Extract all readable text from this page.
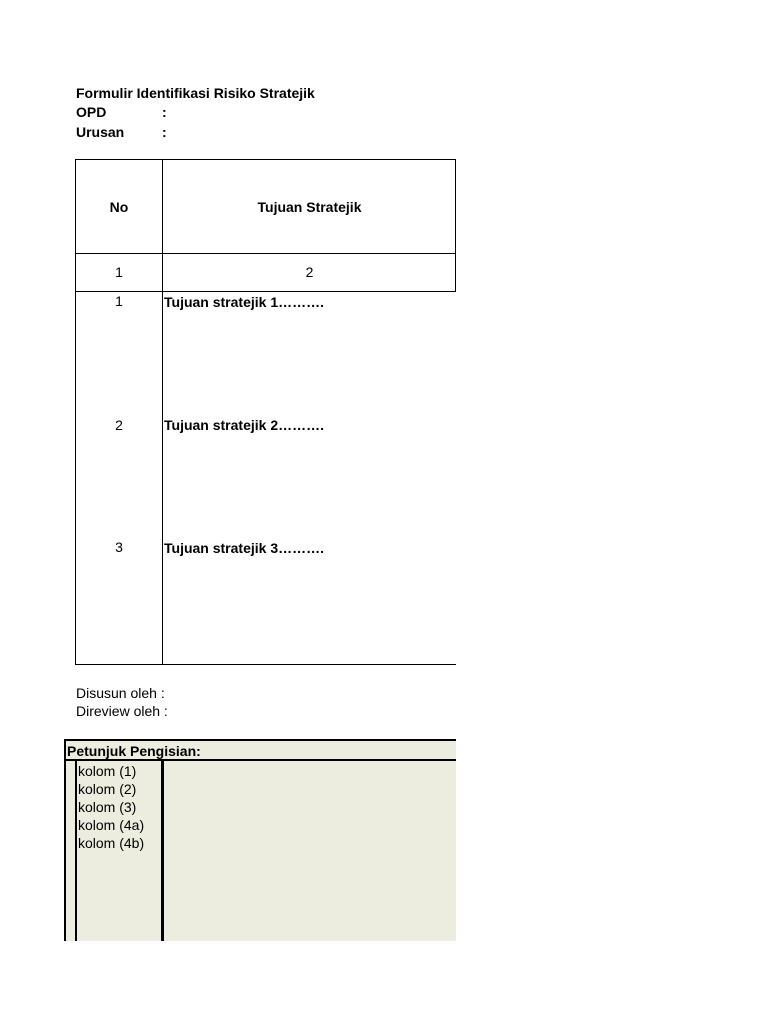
Formulir Identifikasi Risiko Stratejik
OPD	:
Urusan	:
No	Tujuan Stratejik
1	2
1	Tujuan stratejik 1……….
2	Tujuan stratejik 2……….
3	Tujuan stratejik 3……….
Disusun oleh :
Direview oleh :
Petunjuk Pengisian:
kolom (1)
kolom (2)
kolom (3)
kolom (4a)
kolom (4b)
